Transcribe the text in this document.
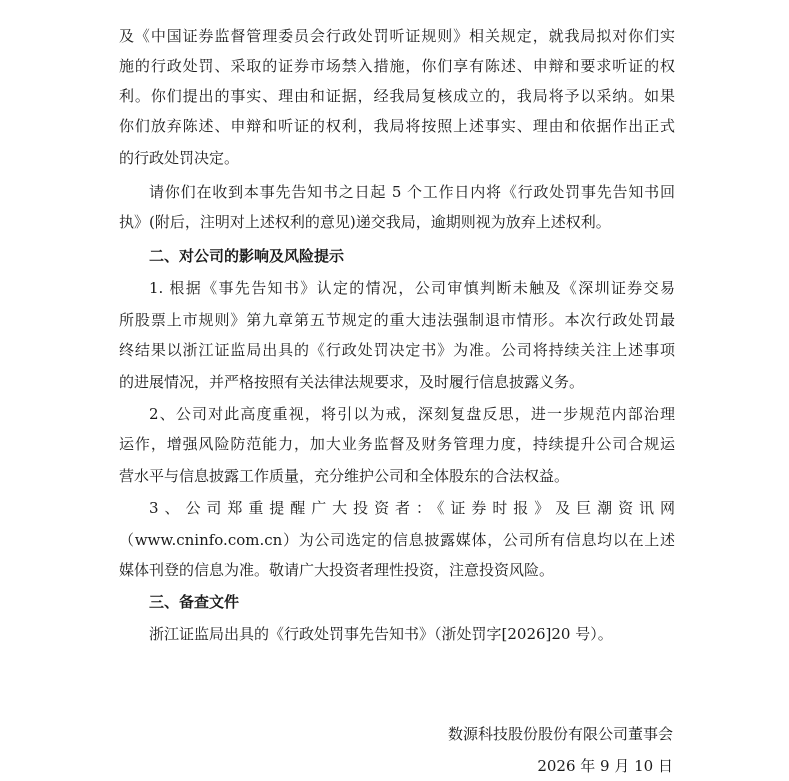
及《中国证券监督管理委员会行政处罚听证规则》相关规定，就我局拟对你们实
施的行政处罚、采取的证券市场禁入措施，你们享有陈述、申辩和要求听证的权
利。你们提出的事实、理由和证据，经我局复核成立的，我局将予以采纳。如果
你们放弃陈述、申辩和听证的权利，我局将按照上述事实、理由和依据作出正式
的行政处罚决定。
请你们在收到本事先告知书之日起 5 个工作日内将《行政处罚事先告知书回
执》(附后，注明对上述权利的意见)递交我局，逾期则视为放弃上述权利。
二、对公司的影响及风险提示
1. 根据《事先告知书》认定的情况，公司审慎判断未触及《深圳证券交易
所股票上市规则》第九章第五节规定的重大违法强制退市情形。本次行政处罚最
终结果以浙江证监局出具的《行政处罚决定书》为准。公司将持续关注上述事项
的进展情况，并严格按照有关法律法规要求，及时履行信息披露义务。
2、公司对此高度重视，将引以为戒，深刻复盘反思，进一步规范内部治理
运作，增强风险防范能力，加大业务监督及财务管理力度，持续提升公司合规运
营水平与信息披露工作质量，充分维护公司和全体股东的合法权益。
3、公司郑重提醒广大投资者：《证券时报》及巨潮资讯网
（www.cninfo.com.cn）为公司选定的信息披露媒体，公司所有信息均以在上述
媒体刊登的信息为准。敬请广大投资者理性投资，注意投资风险。
三、备查文件
浙江证监局出具的《行政处罚事先告知书》（浙处罚字[2026]20 号）。
数源科技股份股份有限公司董事会
2026 年 9 月 10 日
